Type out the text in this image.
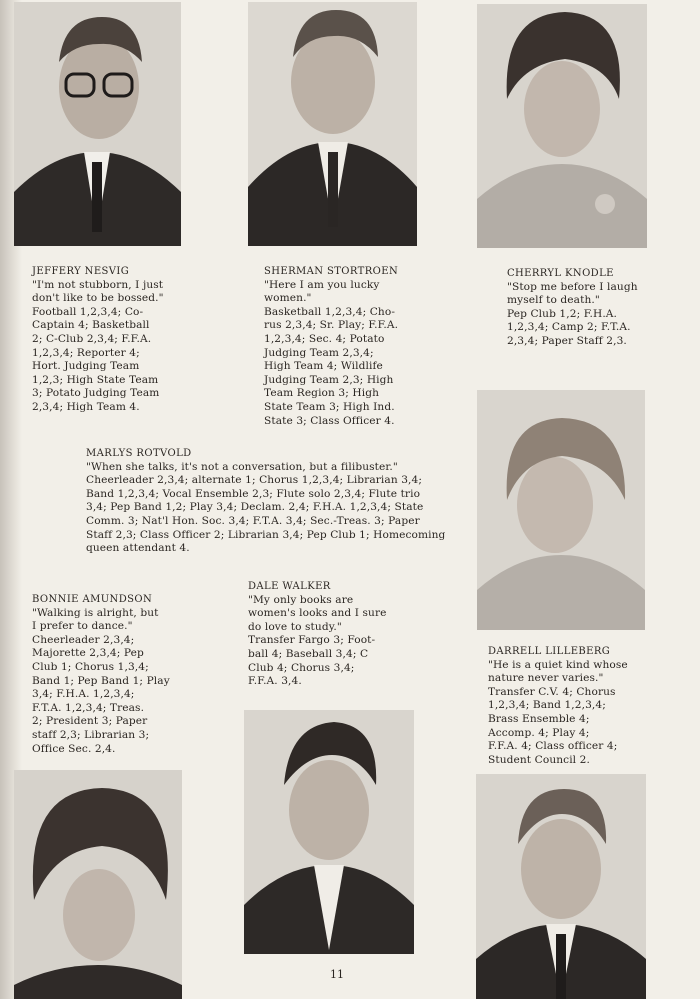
JEFFERY NESVIG
"I'm not stubborn, I just
don't like to be bossed."
Football 1,2,3,4; Co-
Captain 4; Basketball
2; C-Club 2,3,4; F.F.A.
1,2,3,4; Reporter 4;
Hort. Judging Team
1,2,3; High State Team
3; Potato Judging Team
2,3,4; High Team 4.
SHERMAN STORTROEN
"Here I am you lucky
women."
Basketball 1,2,3,4; Cho-
rus 2,3,4; Sr. Play; F.F.A.
1,2,3,4; Sec. 4; Potato
Judging Team 2,3,4;
High Team 4; Wildlife
Judging Team 2,3; High
Team Region 3; High
State Team 3; High Ind.
State 3; Class Officer 4.
CHERRYL KNODLE
"Stop me before I laugh
myself to death."
Pep Club 1,2; F.H.A.
1,2,3,4; Camp 2; F.T.A.
2,3,4; Paper Staff 2,3.
MARLYS ROTVOLD
"When she talks, it's not a conversation, but a filibuster."
Cheerleader 2,3,4; alternate 1; Chorus 1,2,3,4; Librarian 3,4;
Band 1,2,3,4; Vocal Ensemble 2,3; Flute solo 2,3,4; Flute trio
3,4; Pep Band 1,2; Play 3,4; Declam. 2,4; F.H.A. 1,2,3,4; State
Comm. 3; Nat'l Hon. Soc. 3,4; F.T.A. 3,4; Sec.-Treas. 3; Paper
Staff 2,3; Class Officer 2; Librarian 3,4; Pep Club 1; Homecoming
queen attendant 4.
BONNIE AMUNDSON
"Walking is alright, but
I prefer to dance."
Cheerleader 2,3,4;
Majorette 2,3,4; Pep
Club 1; Chorus 1,3,4;
Band 1; Pep Band 1; Play
3,4; F.H.A. 1,2,3,4;
F.T.A. 1,2,3,4; Treas.
2; President 3; Paper
staff 2,3; Librarian 3;
Office Sec. 2,4.
DALE WALKER
"My only books are
women's looks and I sure
do love to study."
Transfer Fargo 3; Foot-
ball 4; Baseball 3,4; C
Club 4; Chorus 3,4;
F.F.A. 3,4.
DARRELL LILLEBERG
"He is a quiet kind whose
nature never varies."
Transfer C.V. 4; Chorus
1,2,3,4; Band 1,2,3,4;
Brass Ensemble 4;
Accomp. 4; Play 4;
F.F.A. 4; Class officer 4;
Student Council 2.
11
